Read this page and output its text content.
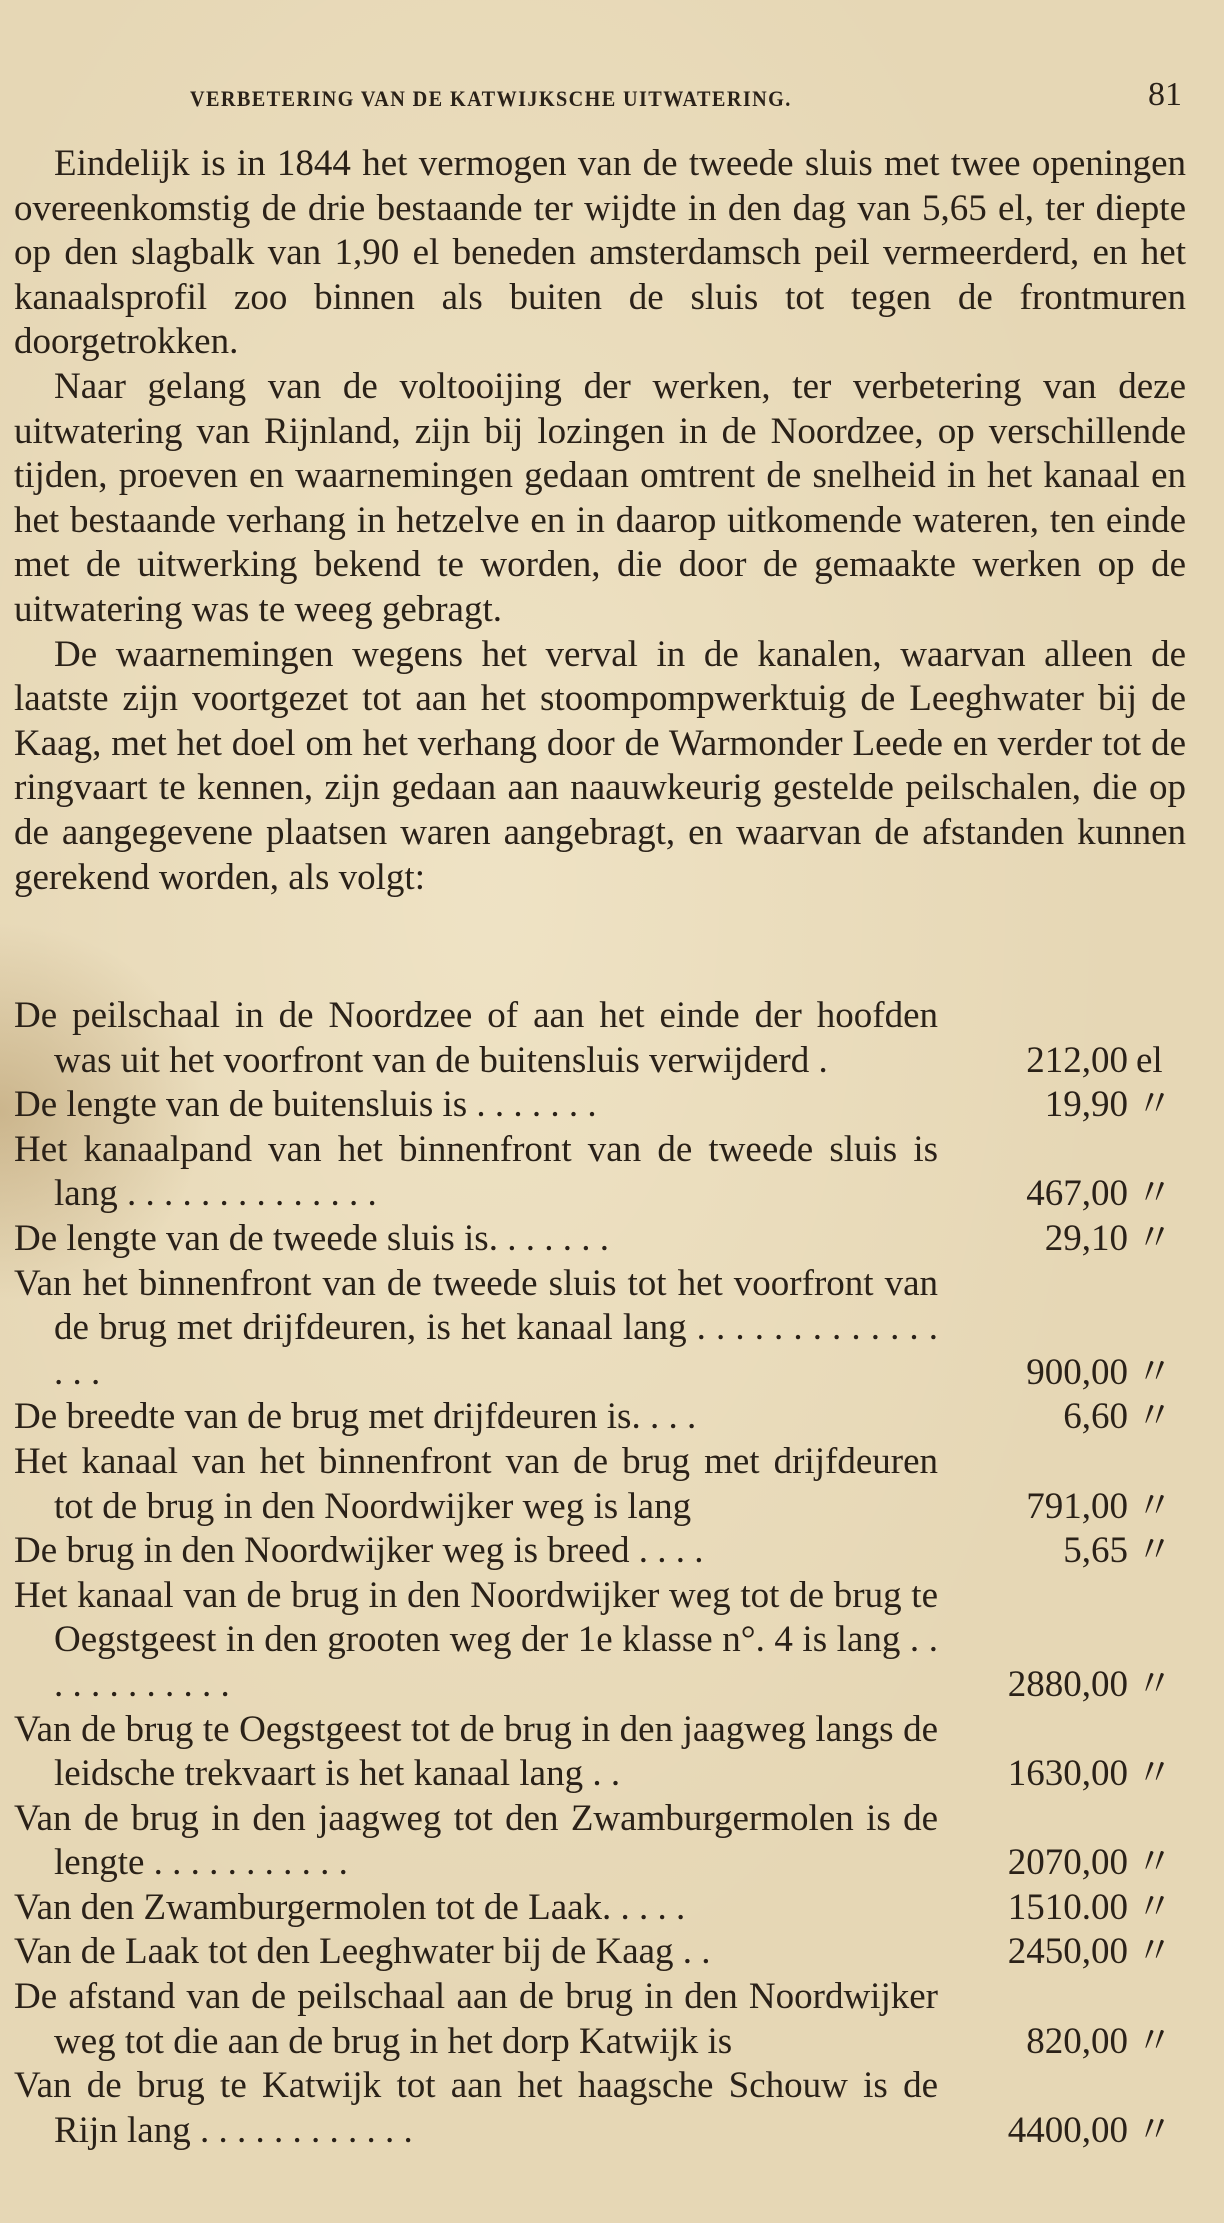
VERBETERING VAN DE KATWIJKSCHE UITWATERING.	81

Eindelijk is in 1844 het vermogen van de tweede sluis met twee openingen overeenkomstig de drie bestaande ter wijdte in den dag van 5,65 el, ter diepte op den slagbalk van 1,90 el beneden amsterdamsch peil vermeerderd, en het kanaalsprofil zoo binnen als buiten de sluis tot tegen de frontmuren doorgetrokken.

Naar gelang van de voltooijing der werken, ter verbetering van deze uitwatering van Rijnland, zijn bij lozingen in de Noordzee, op verschillende tijden, proeven en waarnemingen gedaan omtrent de snelheid in het kanaal en het bestaande verhang in hetzelve en in daarop uitkomende wateren, ten einde met de uitwerking bekend te worden, die door de gemaakte werken op de uitwatering was te weeg gebragt.

De waarnemingen wegens het verval in de kanalen, waarvan alleen de laatste zijn voortgezet tot aan het stoompompwerktuig de Leeghwater bij de Kaag, met het doel om het verhang door de Warmonder Leede en verder tot de ringvaart te kennen, zijn gedaan aan naauwkeurig gestelde peilschalen, die op de aangegevene plaatsen waren aangebragt, en waarvan de afstanden kunnen gerekend worden, als volgt:

De peilschaal in de Noordzee of aan het einde der hoofden was uit het voorfront van de buitensluis verwijderd .	212,00 el
De lengte van de buitensluis is . . . . . . .	19,90 〃
Het kanaalpand van het binnenfront van de tweede sluis is lang . . . . . . . . . . . . . .	467,00 〃
De lengte van de tweede sluis is. . . . . . .	29,10 〃
Van het binnenfront van de tweede sluis tot het voorfront van de brug met drijfdeuren, is het kanaal lang . . . . . . . . . . . . . . . .	900,00 〃
De breedte van de brug met drijfdeuren is. . . .	6,60 〃
Het kanaal van het binnenfront van de brug met drijfdeuren tot de brug in den Noordwijker weg is lang	791,00 〃
De brug in den Noordwijker weg is breed . . . .	5,65 〃
Het kanaal van de brug in den Noordwijker weg tot de brug te Oegstgeest in den grooten weg der 1e klasse n°. 4 is lang . . . . . . . . . . . .	2880,00 〃
Van de brug te Oegstgeest tot de brug in den jaagweg langs de leidsche trekvaart is het kanaal lang . .	1630,00 〃
Van de brug in den jaagweg tot den Zwamburgermolen is de lengte . . . . . . . . . . .	2070,00 〃
Van den Zwamburgermolen tot de Laak. . . . .	1510.00 〃
Van de Laak tot den Leeghwater bij de Kaag . .	2450,00 〃
De afstand van de peilschaal aan de brug in den Noordwijker weg tot die aan de brug in het dorp Katwijk is	820,00 〃
Van de brug te Katwijk tot aan het haagsche Schouw is de Rijn lang . . . . . . . . . . . .	4400,00 〃
